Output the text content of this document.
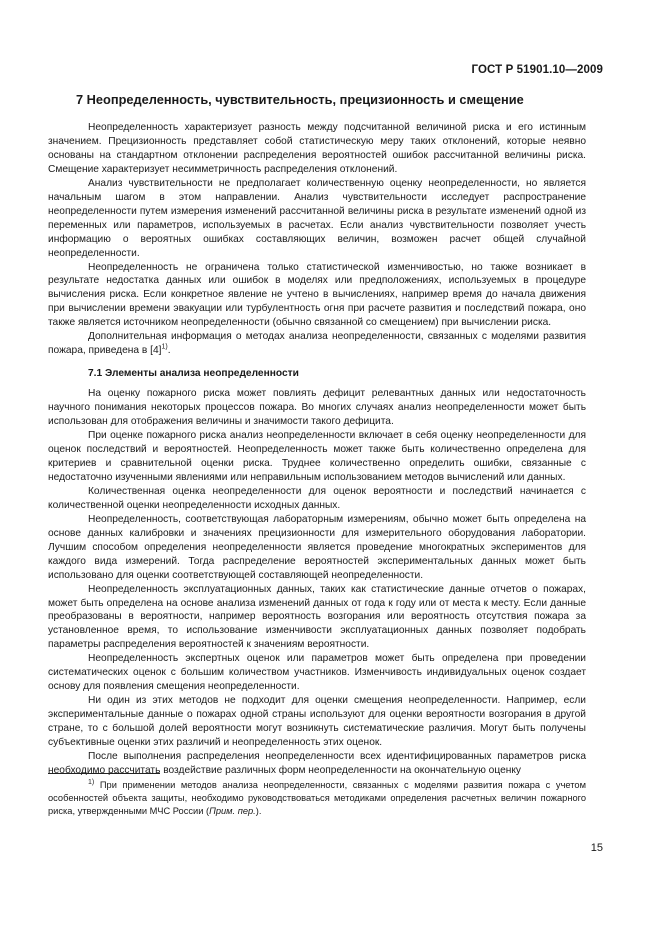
ГОСТ Р 51901.10—2009
7 Неопределенность, чувствительность, прецизионность и смещение

Неопределенность характеризует разность между подсчитанной величиной риска и его истинным значением. Прецизионность представляет собой статистическую меру таких отклонений, которые неявно основаны на стандартном отклонении распределения вероятностей ошибок рассчитанной величины риска. Смещение характеризует несимметричность распределения отклонений.

Анализ чувствительности не предполагает количественную оценку неопределенности, но является начальным шагом в этом направлении. Анализ чувствительности исследует распространение неопределенности путем измерения изменений рассчитанной величины риска в результате изменений одной из переменных или параметров, используемых в расчетах. Если анализ чувствительности позволяет учесть информацию о вероятных ошибках составляющих величин, возможен расчет общей случайной неопределенности.

Неопределенность не ограничена только статистической изменчивостью, но также возникает в результате недостатка данных или ошибок в моделях или предположениях, используемых в процедуре вычисления риска. Если конкретное явление не учтено в вычислениях, например время до начала движения при вычислении времени эвакуации или турбулентность огня при расчете развития и последствий пожара, оно также является источником неопределенности (обычно связанной со смещением) при вычислении риска.

Дополнительная информация о методах анализа неопределенности, связанных с моделями развития пожара, приведена в $[4]^{1)}$.

7.1 Элементы анализа неопределенности

На оценку пожарного риска может повлиять дефицит релевантных данных или недостаточность научного понимания некоторых процессов пожара. Во многих случаях анализ неопределенности может быть использован для отображения величины и значимости такого дефицита.

При оценке пожарного риска анализ неопределенности включает в себя оценку неопределенности для оценок последствий и вероятностей. Неопределенность может также быть количественно определена для критериев и сравнительной оценки риска. Труднее количественно определить ошибки, связанные с недостаточно изученными явлениями или неправильным использованием методов вычислений или данных.

Количественная оценка неопределенности для оценок вероятности и последствий начинается с количественной оценки неопределенности исходных данных.

Неопределенность, соответствующая лабораторным измерениям, обычно может быть определена на основе данных калибровки и значениях прецизионности для измерительного оборудования лаборатории. Лучшим способом определения неопределенности является проведение многократных экспериментов для каждого вида измерений. Тогда распределение вероятностей экспериментальных данных может быть использовано для оценки соответствующей составляющей неопределенности.

Неопределенность эксплуатационных данных, таких как статистические данные отчетов о пожарах, может быть определена на основе анализа изменений данных от года к году или от места к месту. Если данные преобразованы в вероятности, например вероятность возгорания или вероятность отсутствия пожара за установленное время, то использование изменчивости эксплуатационных данных позволяет подобрать параметры распределения вероятностей к значениям вероятности.

Неопределенность экспертных оценок или параметров может быть определена при проведении систематических оценок с большим количеством участников. Изменчивость индивидуальных оценок создает основу для появления смещения неопределенности.

Ни один из этих методов не подходит для оценки смещения неопределенности. Например, если экспериментальные данные о пожарах одной страны используют для оценки вероятности возгорания в другой стране, то с большой долей вероятности могут возникнуть систематические различия. Могут быть получены субъективные оценки этих различий и неопределенность этих оценок.

После выполнения распределения неопределенности всех идентифицированных параметров риска необходимо рассчитать воздействие различных форм неопределенности на окончательную оценку

$^{1)}$ При применении методов анализа неопределенности, связанных с моделями развития пожара с учетом особенностей объекта защиты, необходимо руководствоваться методиками определения расчетных величин пожарного риска, утвержденными МЧС России (Прим. пер.).

15
